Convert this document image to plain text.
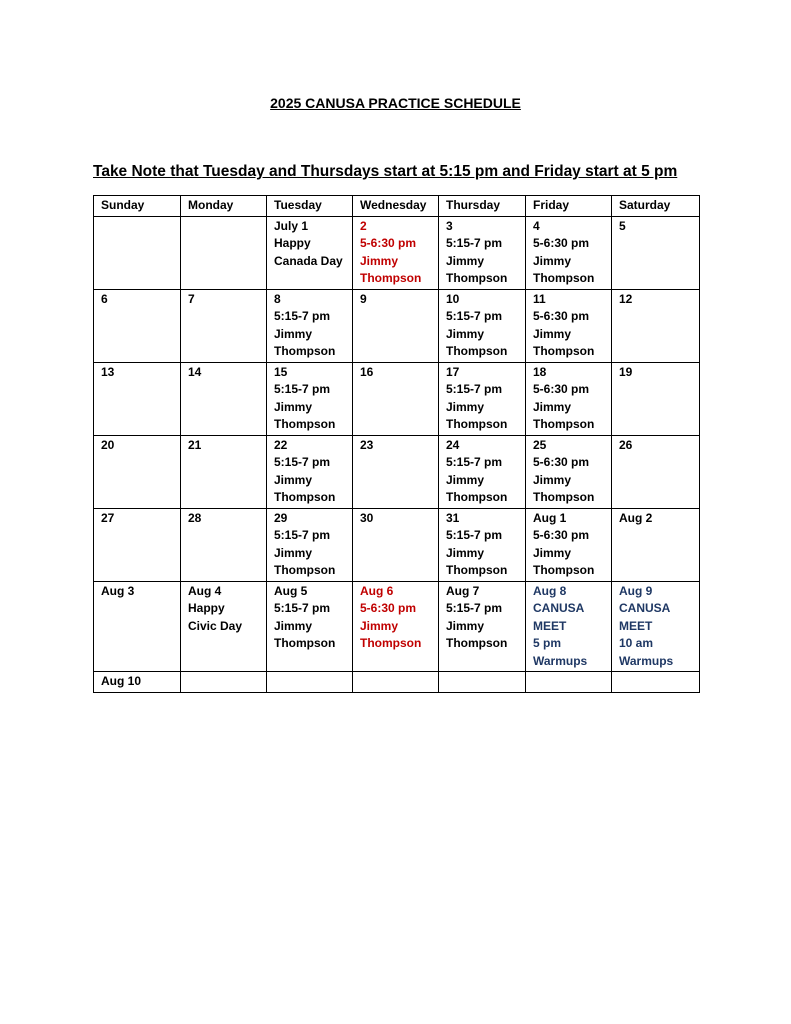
2025 CANUSA PRACTICE SCHEDULE
Take Note that Tuesday and Thursdays start at 5:15 pm and Friday start at 5 pm
Sunday	Monday	Tuesday	Wednesday	Thursday	Friday	Saturday

		July 1
Happy
Canada Day	2
5-6:30 pm
Jimmy
Thompson	3
5:15-7 pm
Jimmy
Thompson	4
5-6:30 pm
Jimmy
Thompson	5

6	7	8
5:15-7 pm
Jimmy
Thompson	9	10
5:15-7 pm
Jimmy
Thompson	11
5-6:30 pm
Jimmy
Thompson	12

13	14	15
5:15-7 pm
Jimmy
Thompson	16	17
5:15-7 pm
Jimmy
Thompson	18
5-6:30 pm
Jimmy
Thompson	19

20	21	22
5:15-7 pm
Jimmy
Thompson	23	24
5:15-7 pm
Jimmy
Thompson	25
5-6:30 pm
Jimmy
Thompson	26

27	28	29
5:15-7 pm
Jimmy
Thompson	30	31
5:15-7 pm
Jimmy
Thompson	Aug 1
5-6:30 pm
Jimmy
Thompson	Aug 2

Aug 3	Aug 4
Happy
Civic Day	Aug 5
5:15-7 pm
Jimmy
Thompson	Aug 6
5-6:30 pm
Jimmy
Thompson	Aug 7
5:15-7 pm
Jimmy
Thompson	Aug 8
CANUSA
MEET
5 pm
Warmups	Aug 9
CANUSA
MEET
10 am
Warmups

Aug 10						
